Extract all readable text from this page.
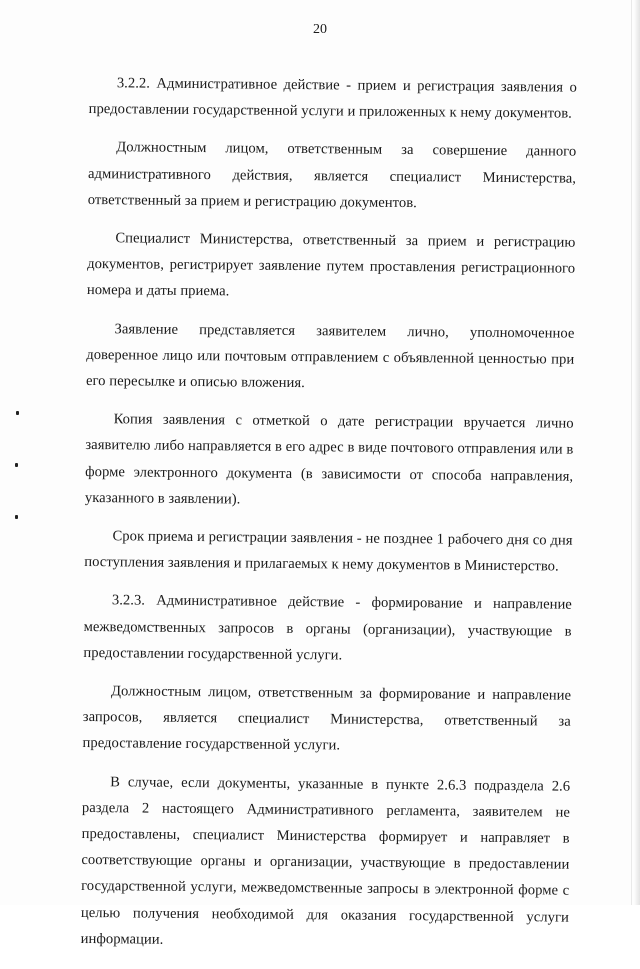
20

3.2.2. Административное действие - прием и регистрация заявления о предоставлении государственной услуги и приложенных к нему документов.

Должностным лицом, ответственным за совершение данного административного действия, является специалист Министерства, ответственный за прием и регистрацию документов.

Специалист Министерства, ответственный за прием и регистрацию документов, регистрирует заявление путем проставления регистрационного номера и даты приема.

Заявление представляется заявителем лично, уполномоченное доверенное лицо или почтовым отправлением с объявленной ценностью при его пересылке и описью вложения.

Копия заявления с отметкой о дате регистрации вручается лично заявителю либо направляется в его адрес в виде почтового отправления или в форме электронного документа (в зависимости от способа направления, указанного в заявлении).

Срок приема и регистрации заявления - не позднее 1 рабочего дня со дня поступления заявления и прилагаемых к нему документов в Министерство.

3.2.3. Административное действие - формирование и направление межведомственных запросов в органы (организации), участвующие в предоставлении государственной услуги.

Должностным лицом, ответственным за формирование и направление запросов, является специалист Министерства, ответственный за предоставление государственной услуги.

В случае, если документы, указанные в пункте 2.6.3 подраздела 2.6 раздела 2 настоящего Административного регламента, заявителем не предоставлены, специалист Министерства формирует и направляет в соответствующие органы и организации, участвующие в предоставлении государственной услуги, межведомственные запросы в электронной форме с целью получения необходимой для оказания государственной услуги информации.
